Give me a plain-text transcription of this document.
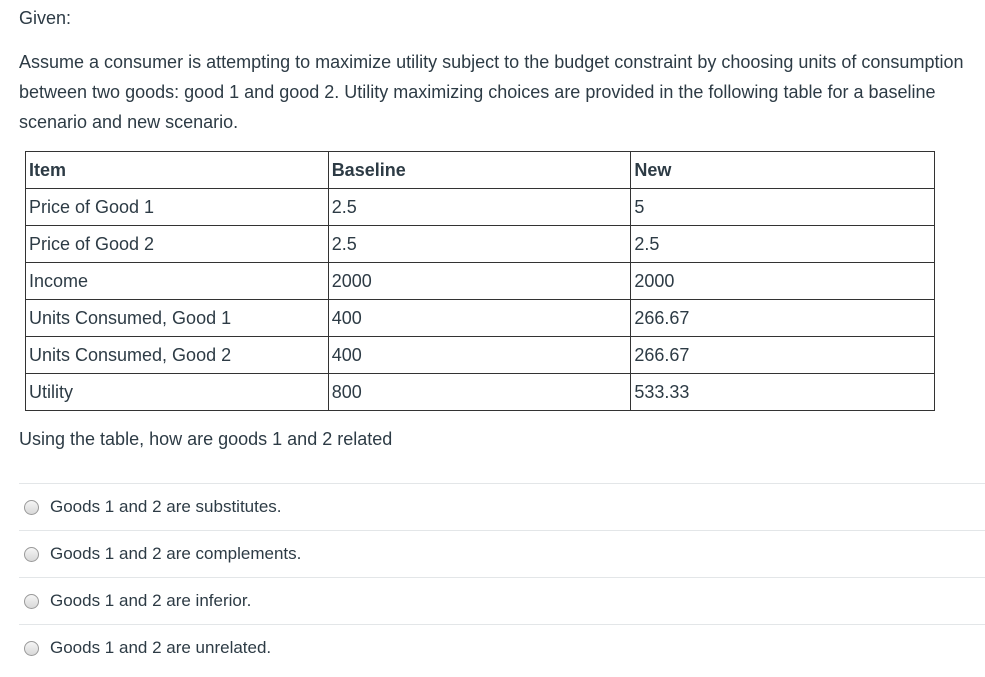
Given:
Assume a consumer is attempting to maximize utility subject to the budget constraint by choosing units of consumption between two goods: good 1 and good 2. Utility maximizing choices are provided in the following table for a baseline scenario and new scenario.
Item	Baseline	New
Price of Good 1	2.5	5
Price of Good 2	2.5	2.5
Income	2000	2000
Units Consumed, Good 1	400	266.67
Units Consumed, Good 2	400	266.67
Utility	800	533.33
Using the table, how are goods 1 and 2 related
Goods 1 and 2 are substitutes.
Goods 1 and 2 are complements.
Goods 1 and 2 are inferior.
Goods 1 and 2 are unrelated.
